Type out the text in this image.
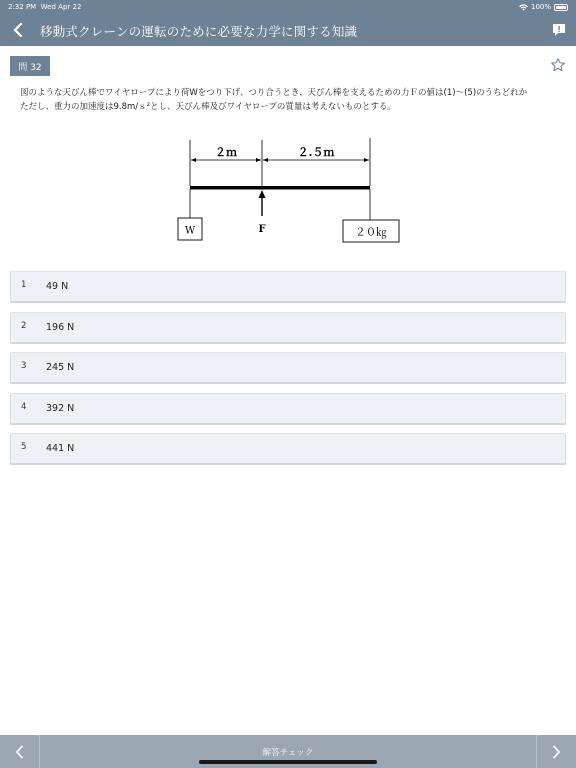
2:32 PM Wed Apr 22	100%
移動式クレーンの運転のために必要な力学に関する知識
問 32
図のような天びん棒でワイヤロープにより荷Wをつり下げ、つり合うとき、天びん棒を支えるための力Ｆの値は(1)〜(5)のうちどれか
ただし、重力の加速度は9.8m/ｓ²とし、天びん棒及びワイヤロープの質量は考えないものとする。
２ｍ	２.５ｍ
W	２０㎏
F
1 49 N
2 196 N
3 245 N
4 392 N
5 441 N
解答チェック
